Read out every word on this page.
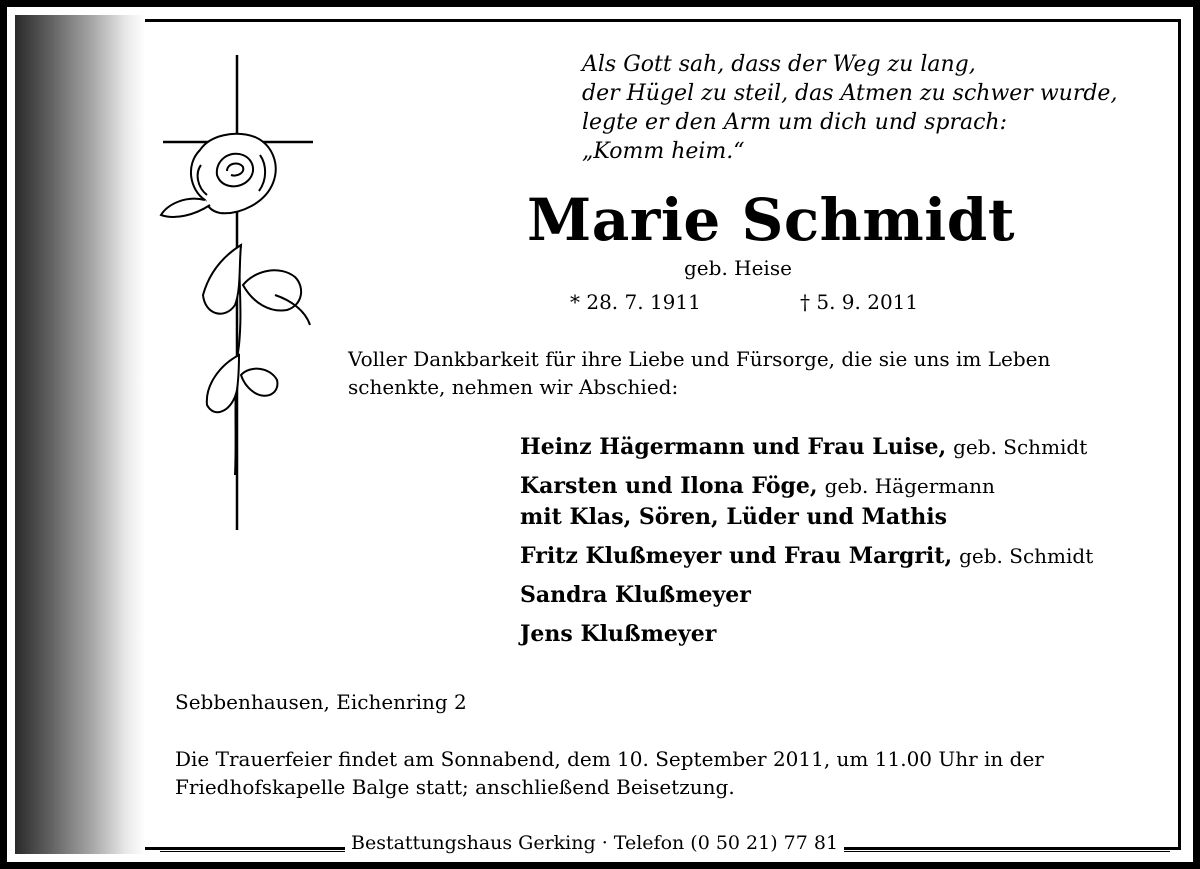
Als Gott sah, dass der Weg zu lang,
der Hügel zu steil, das Atmen zu schwer wurde,
legte er den Arm um dich und sprach:
„Komm heim.“
Marie Schmidt
geb. Heise
* 28. 7. 1911	† 5. 9. 2011
Voller Dankbarkeit für ihre Liebe und Fürsorge, die sie uns im Leben schenkte, nehmen wir Abschied:
Heinz Hägermann und Frau Luise, geb. Schmidt
Karsten und Ilona Föge, geb. Hägermann
mit Klas, Sören, Lüder und Mathis
Fritz Klußmeyer und Frau Margrit, geb. Schmidt
Sandra Klußmeyer
Jens Klußmeyer
Sebbenhausen, Eichenring 2
Die Trauerfeier findet am Sonnabend, dem 10. September 2011, um 11.00 Uhr in der Friedhofskapelle Balge statt; anschließend Beisetzung.
Bestattungshaus Gerking · Telefon (0 50 21) 77 81
